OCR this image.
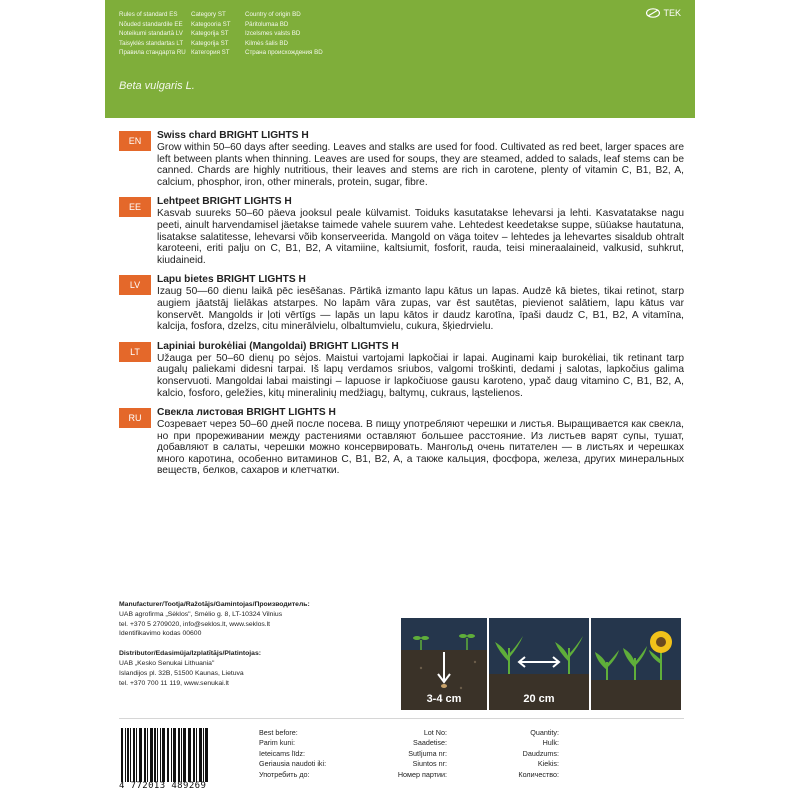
Rules of standard ES	Category ST	Country of origin BD
Nõuded standardile EE	Kategooria ST	Päritolumaa BD
Noteikumi standartā LV	Kategorija ST	Izcelsmes valsts BD
Taisyklės standartas LT	Kategorija ST	Kilmės šalis BD
Правила стандарта RU Категория ST	Страна происхождения BD
Beta vulgaris L.
TEK
EN	Swiss chard BRIGHT LIGHTS H
Grow within 50–60 days after seeding. Leaves and stalks are used for food. Cultivated as red beet, larger spaces are left between plants when thinning. Leaves are used for soups, they are steamed, added to salads, leaf stems can be canned. Chards are highly nutritious, their leaves and stems are rich in carotene, plenty of vitamin C, B1, B2, A, calcium, phosphor, iron, other minerals, protein, sugar, fibre.
EE	Lehtpeet BRIGHT LIGHTS H
Kasvab suureks 50–60 päeva jooksul peale külvamist. Toiduks kasutatakse lehevarsi ja lehti. Kasvatatakse nagu peeti, ainult harvendamisel jäetakse taimede vahele suurem vahe. Lehtedest keedetakse suppe, süüakse hautatuna, lisatakse salatitesse, lehevarsi võib konserveerida. Mangold on väga toitev – lehtedes ja lehevartes sisaldub ohtralt karoteeni, eriti palju on C, B1, B2, A vitamiine, kaltsiumit, fosforit, rauda, teisi mineraalaineid, valkusid, suhkrut, kiudaineid.
LV	Lapu bietes BRIGHT LIGHTS H
Izaug 50—60 dienu laikā pēc iesēšanas. Pārtikā izmanto lapu kātus un lapas. Audzē kā bietes, tikai retinot, starp augiem jāatstāj lielākas atstarpes. No lapām vāra zupas, var ēst sautētas, pievienot salātiem, lapu kātus var konservēt. Mangolds ir ļoti vērtīgs — lapās un lapu kātos ir daudz karotīna, īpaši daudz C, B1, B2, A vitamīna, kalcija, fosfora, dzelzs, citu minerālvielu, olbaltumvielu, cukura, šķiedrvielu.
LT	Lapiniai burokėliai (Mangoldai) BRIGHT LIGHTS H
Užauga per 50–60 dienų po sėjos. Maistui vartojami lapkočiai ir lapai. Auginami kaip burokėliai, tik retinant tarp augalų paliekami didesni tarpai. Iš lapų verdamos sriubos, valgomi troškinti, dedami į salotas, lapkočius galima konservuoti. Mangoldai labai maistingi – lapuose ir lapkočiuose gausu karoteno, ypač daug vitamino C, B1, B2, A, kalcio, fosforo, geležies, kitų mineralinių medžiagų, baltymų, cukraus, ląstelienos.
RU	Свекла листовая BRIGHT LIGHTS H
Созревает через 50–60 дней после посева. В пищу употребляют черешки и листья. Выращивается как свекла, но при прореживании между растениями оставляют большее расстояние. Из листьев варят супы, тушат, добавляют в салаты, черешки можно консервировать. Мангольд очень питателен — в листьях и черешках много каротина, особенно витаминов C, B1, B2, A, а также кальция, фосфора, железа, других минеральных веществ, белков, сахаров и клетчатки.
Manufacturer/Tootja/Ražotājs/Gamintojas/Производитель:
UAB agrofirma „Sėklos", Smėlio g. 8, LT-10324 Vilnius
tel. +370 5 2709020, info@seklos.lt, www.seklos.lt
Identifikavimo kodas 00600
Distributor/Edasimüja/Izplatītājs/Platintojas:
UAB „Kesko Senukai Lithuania"
Islandijos pl. 32B, 51500 Kaunas, Lietuva
tel. +370 700 11 119, www.senukai.lt
3-4 cm	20 cm
4 772013 489269
Best before:
Parim kuni:
Ieteicams līdz:
Geriausia naudoti iki:
Употребить до:
Lot No:
Saadetise:
Sutījuma nr:
Siuntos nr:
Номер партии:
Quantity:
Hulk:
Daudzums:
Kiekis:
Количество:
